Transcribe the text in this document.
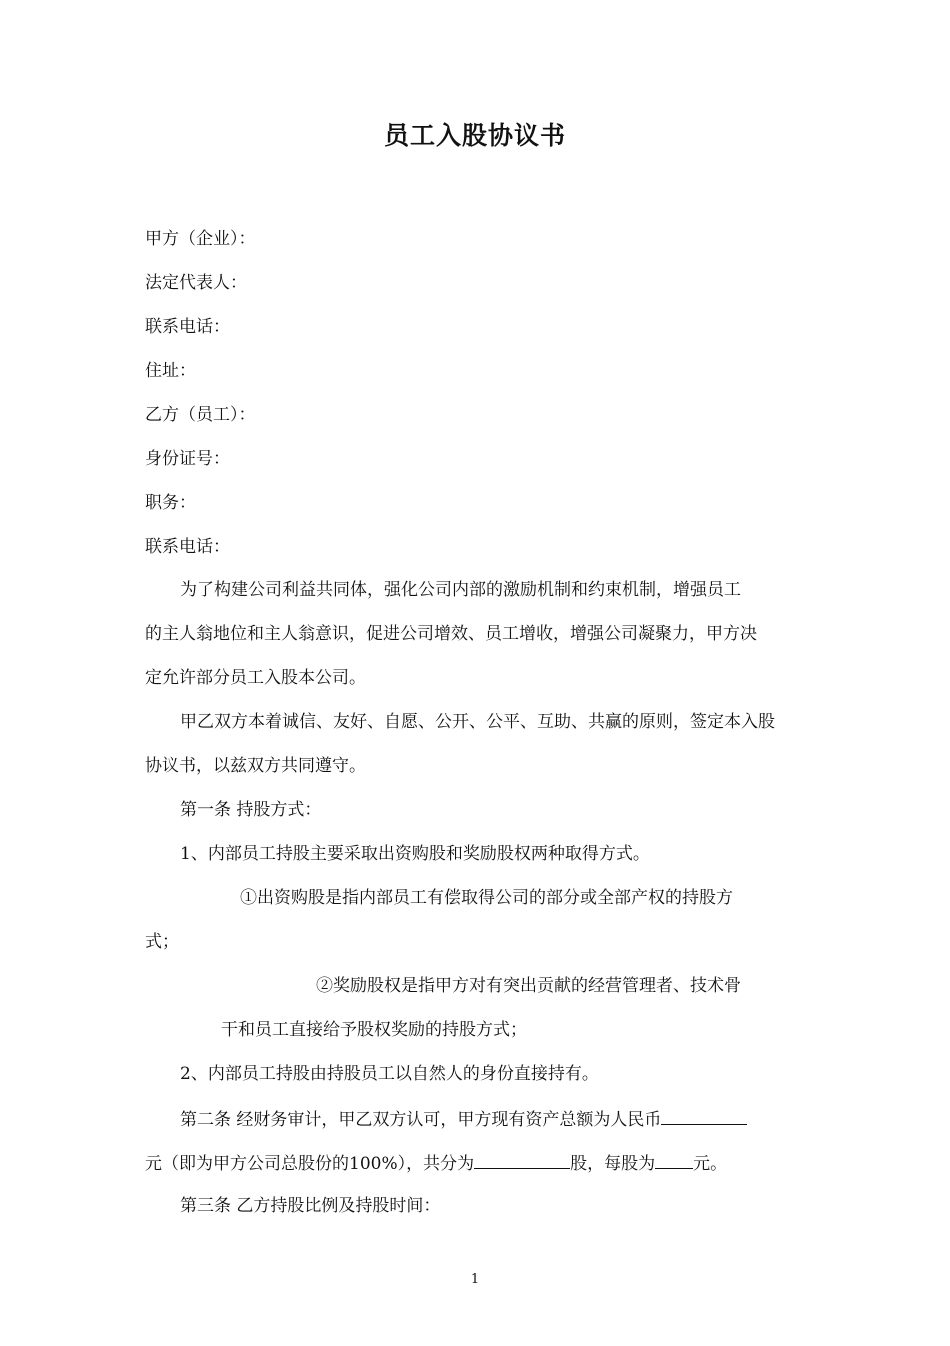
员工入股协议书
甲方（企业）：
法定代表人：
联系电话：
住址：
乙方（员工）：
身份证号：
职务：
联系电话：
为了构建公司利益共同体，强化公司内部的激励机制和约束机制，增强员工
的主人翁地位和主人翁意识，促进公司增效、员工增收，增强公司凝聚力，甲方决
定允许部分员工入股本公司。
甲乙双方本着诚信、友好、自愿、公开、公平、互助、共赢的原则，签定本入股
协议书，以兹双方共同遵守。
第一条 持股方式：
1、内部员工持股主要采取出资购股和奖励股权两种取得方式。
①出资购股是指内部员工有偿取得公司的部分或全部产权的持股方
式；
②奖励股权是指甲方对有突出贡献的经营管理者、技术骨
干和员工直接给予股权奖励的持股方式；
2、内部员工持股由持股员工以自然人的身份直接持有。
第二条 经财务审计，甲乙双方认可，甲方现有资产总额为人民币
元（即为甲方公司总股份的100%），共分为	股，每股为 元。
第三条 乙方持股比例及持股时间：
1
